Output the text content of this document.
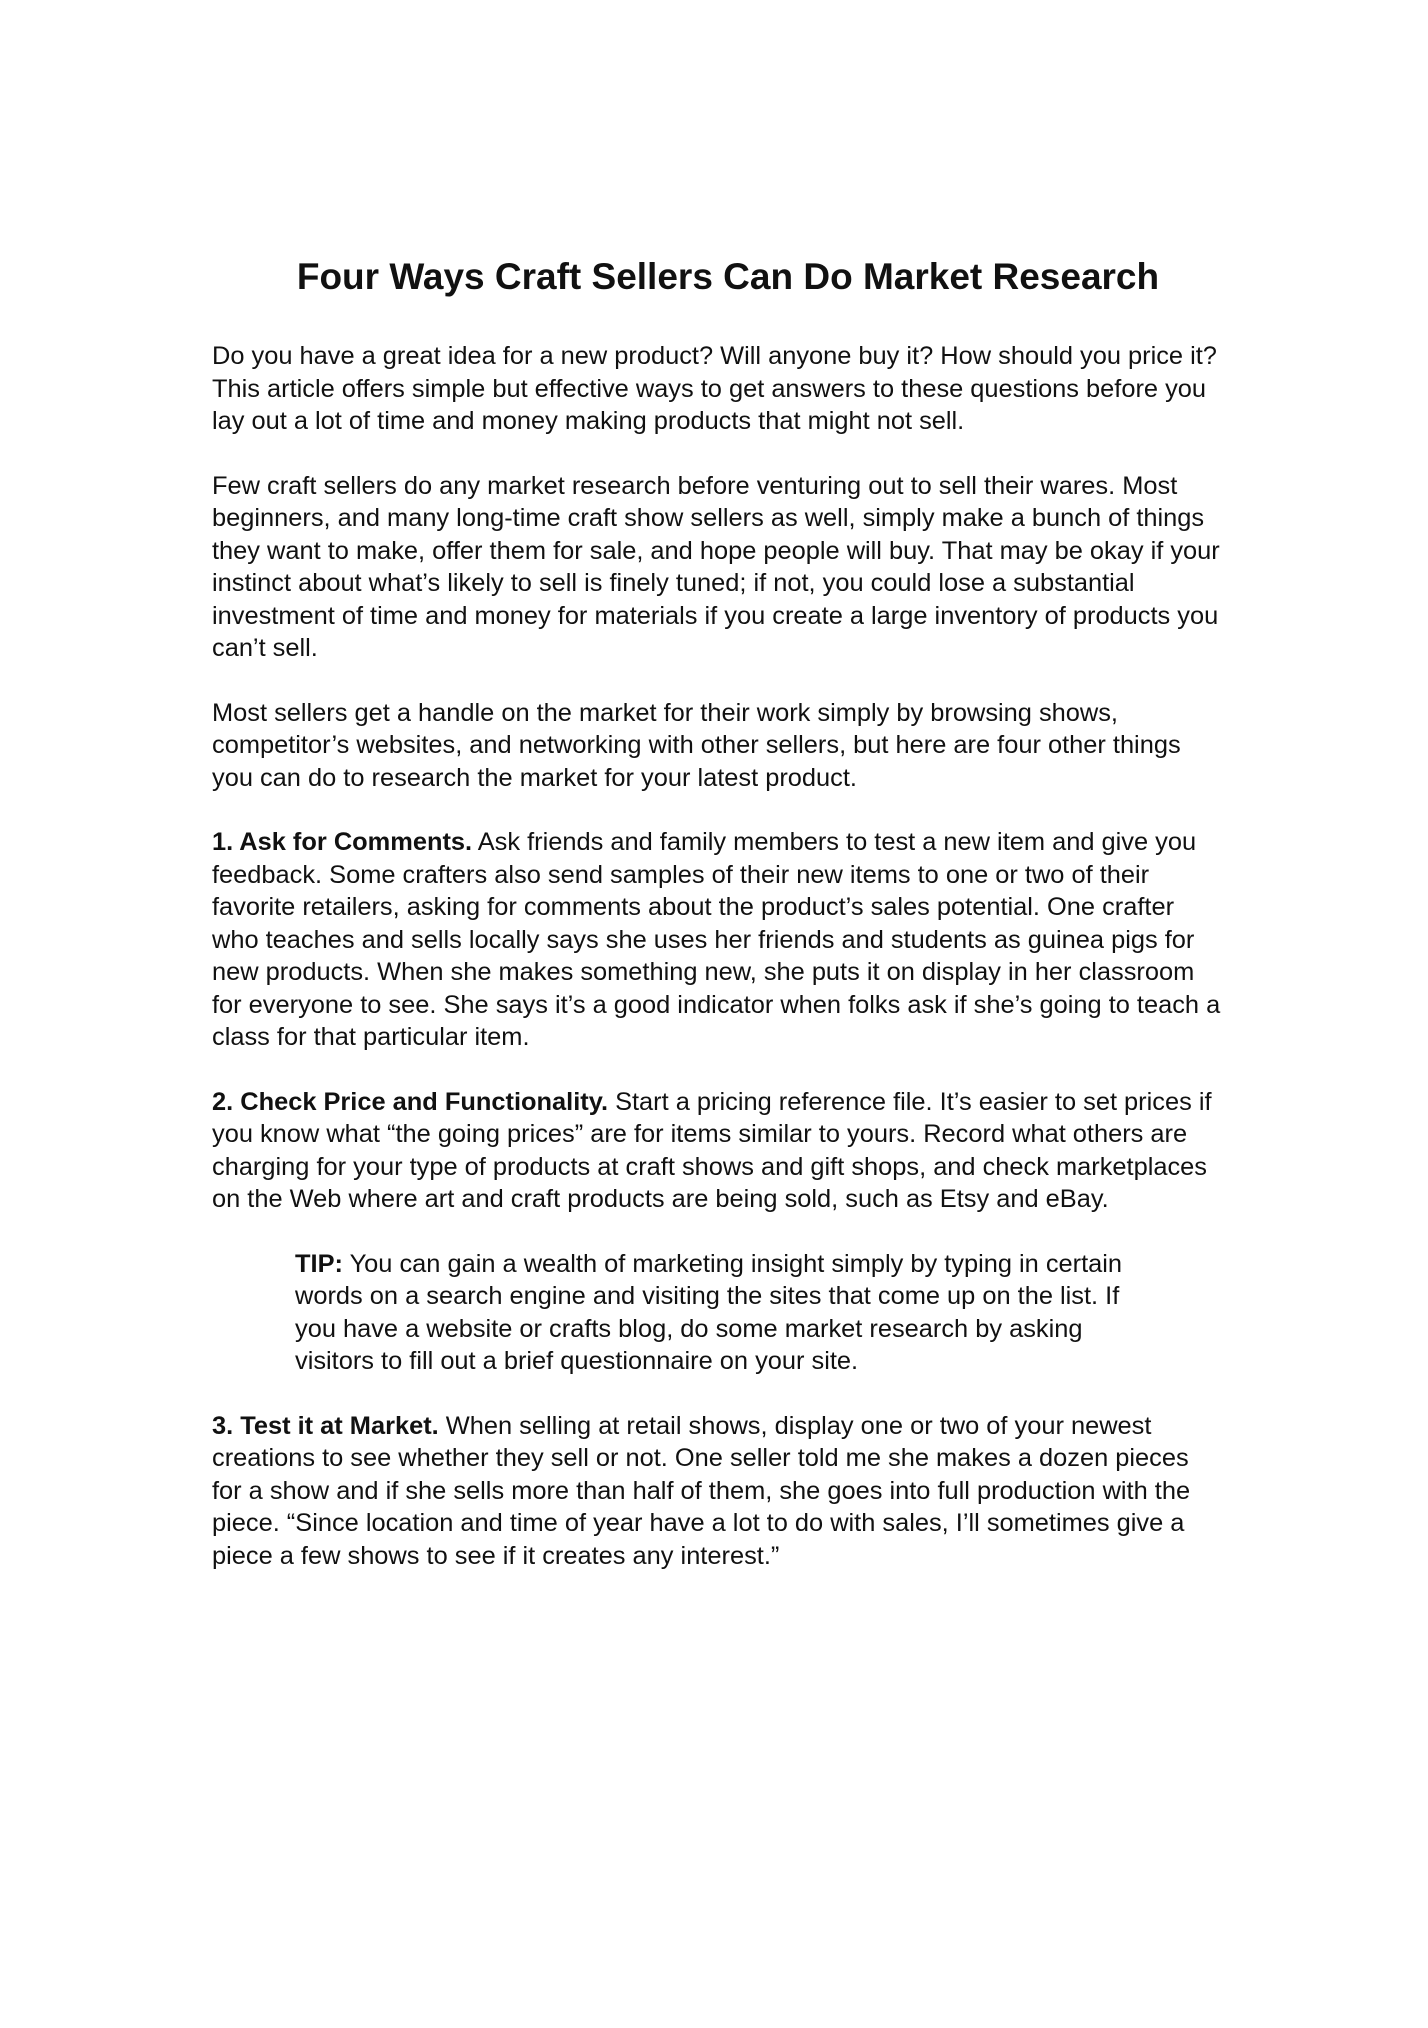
Four Ways Craft Sellers Can Do Market Research

Do you have a great idea for a new product? Will anyone buy it? How should you price it? This article offers simple but effective ways to get answers to these questions before you lay out a lot of time and money making products that might not sell.

Few craft sellers do any market research before venturing out to sell their wares. Most beginners, and many long-time craft show sellers as well, simply make a bunch of things they want to make, offer them for sale, and hope people will buy. That may be okay if your instinct about what’s likely to sell is finely tuned; if not, you could lose a substantial investment of time and money for materials if you create a large inventory of products you can’t sell.

Most sellers get a handle on the market for their work simply by browsing shows, competitor’s websites, and networking with other sellers, but here are four other things you can do to research the market for your latest product.

1. Ask for Comments. Ask friends and family members to test a new item and give you feedback. Some crafters also send samples of their new items to one or two of their favorite retailers, asking for comments about the product’s sales potential. One crafter who teaches and sells locally says she uses her friends and students as guinea pigs for new products. When she makes something new, she puts it on display in her classroom for everyone to see. She says it’s a good indicator when folks ask if she’s going to teach a class for that particular item.

2. Check Price and Functionality. Start a pricing reference file. It’s easier to set prices if you know what “the going prices” are for items similar to yours. Record what others are charging for your type of products at craft shows and gift shops, and check marketplaces on the Web where art and craft products are being sold, such as Etsy and eBay.

TIP: You can gain a wealth of marketing insight simply by typing in certain words on a search engine and visiting the sites that come up on the list. If you have a website or crafts blog, do some market research by asking visitors to fill out a brief questionnaire on your site.

3. Test it at Market. When selling at retail shows, display one or two of your newest creations to see whether they sell or not. One seller told me she makes a dozen pieces for a show and if she sells more than half of them, she goes into full production with the piece. “Since location and time of year have a lot to do with sales, I’ll sometimes give a piece a few shows to see if it creates any interest.”
